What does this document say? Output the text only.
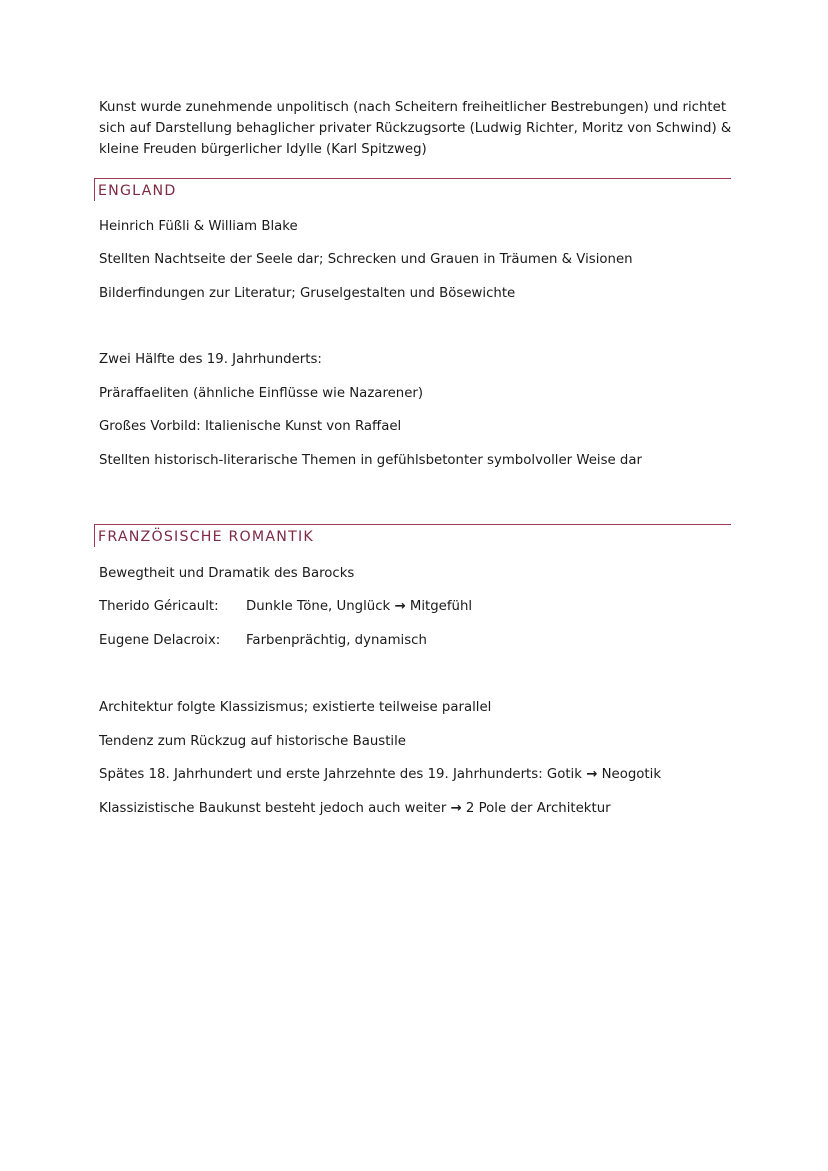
Kunst wurde zunehmende unpolitisch (nach Scheitern freiheitlicher Bestrebungen) und richtet sich auf Darstellung behaglicher privater Rückzugsorte (Ludwig Richter, Moritz von Schwind) & kleine Freuden bürgerlicher Idylle (Karl Spitzweg)

ENGLAND

Heinrich Füßli & William Blake

Stellten Nachtseite der Seele dar; Schrecken und Grauen in Träumen & Visionen

Bilderfindungen zur Literatur; Gruselgestalten und Bösewichte

Zwei Hälfte des 19. Jahrhunderts:

Präraffaeliten (ähnliche Einflüsse wie Nazarener)

Großes Vorbild: Italienische Kunst von Raffael

Stellten historisch-literarische Themen in gefühlsbetonter symbolvoller Weise dar

FRANZÖSISCHE ROMANTIK

Bewegtheit und Dramatik des Barocks

Therido Géricault: Dunkle Töne, Unglück → Mitgefühl
Eugene Delacroix: Farbenprächtig, dynamisch

Architektur folgte Klassizismus; existierte teilweise parallel

Tendenz zum Rückzug auf historische Baustile

Spätes 18. Jahrhundert und erste Jahrzehnte des 19. Jahrhunderts: Gotik → Neogotik
Klassizistische Baukunst besteht jedoch auch weiter → 2 Pole der Architektur
